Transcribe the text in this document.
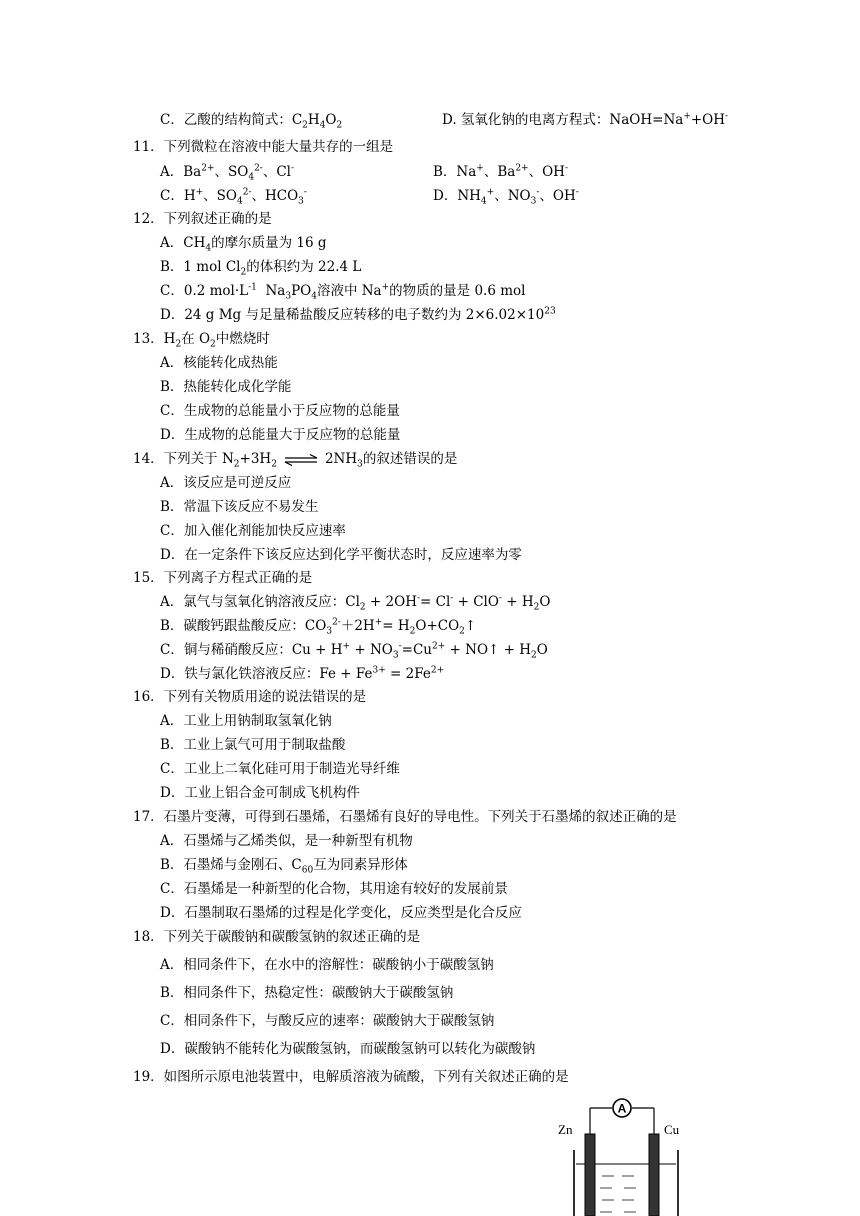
C．乙酸的结构简式：$C_2H_4O_2$	D. 氢氧化钠的电离方程式：NaOH=Na++OH-
11．下列微粒在溶液中能大量共存的一组是
A．$Ba^{2+}$、$SO_4^{2-}$、Cl-	B．Na+、$Ba^{2+}$、OH-
C．H+、$SO_4^{2-}$、$HCO_3^-$	D．$NH_4^+$、$NO_3^-$、OH-
12．下列叙述正确的是
A．$CH_4$的摩尔质量为 16 g
B．1 mol $Cl_2$的体积约为 22.4 L
C．0.2 $mol\cdot L^{-1}$  $Na_3PO_4$溶液中 Na+的物质的量是 0.6 mol
D．24 g Mg 与足量稀盐酸反应转移的电子数约为 $2\times 6.02\times 10^{23}$
13．$H_2$在 $O_2$中燃烧时
A．核能转化成热能
B．热能转化成化学能
C．生成物的总能量小于反应物的总能量
D．生成物的总能量大于反应物的总能量
14．下列关于 $N_2+3H_2$ ⇌ $2NH_3$的叙述错误的是
A．该反应是可逆反应
B．常温下该反应不易发生
C．加入催化剂能加快反应速率
D．在一定条件下该反应达到化学平衡状态时，反应速率为零
15．下列离子方程式正确的是
A．氯气与氢氧化钠溶液反应：$Cl_2 + 2OH^-= Cl^- + ClO^- + H_2O$
B．碳酸钙跟盐酸反应：$CO_3^{2-}+2H^+=$ $H_2O+CO_2↑$
C．铜与稀硝酸反应：$Cu + H^+ + NO_3^-=Cu^{2+}$ + NO↑ + $H_2O$
D．铁与氯化铁溶液反应：$Fe + Fe^{3+} = 2Fe^{2+}$
16．下列有关物质用途的说法错误的是
A．工业上用钠制取氢氧化钠
B．工业上氯气可用于制取盐酸
C．工业上二氧化硅可用于制造光导纤维
D．工业上铝合金可制成飞机构件
17．石墨片变薄，可得到石墨烯，石墨烯有良好的导电性。下列关于石墨烯的叙述正确的是
A．石墨烯与乙烯类似，是一种新型有机物
B．石墨烯与金刚石、$C_{60}$互为同素异形体
C．石墨烯是一种新型的化合物，其用途有较好的发展前景
D．石墨制取石墨烯的过程是化学变化，反应类型是化合反应
18．下列关于碳酸钠和碳酸氢钠的叙述正确的是
A．相同条件下，在水中的溶解性：碳酸钠小于碳酸氢钠
B．相同条件下，热稳定性：碳酸钠大于碳酸氢钠
C．相同条件下，与酸反应的速率：碳酸钠大于碳酸氢钠
D．碳酸钠不能转化为碳酸氢钠，而碳酸氢钠可以转化为碳酸钠
19．如图所示原电池装置中，电解质溶液为硫酸，下列有关叙述正确的是
A
Zn	Cu
